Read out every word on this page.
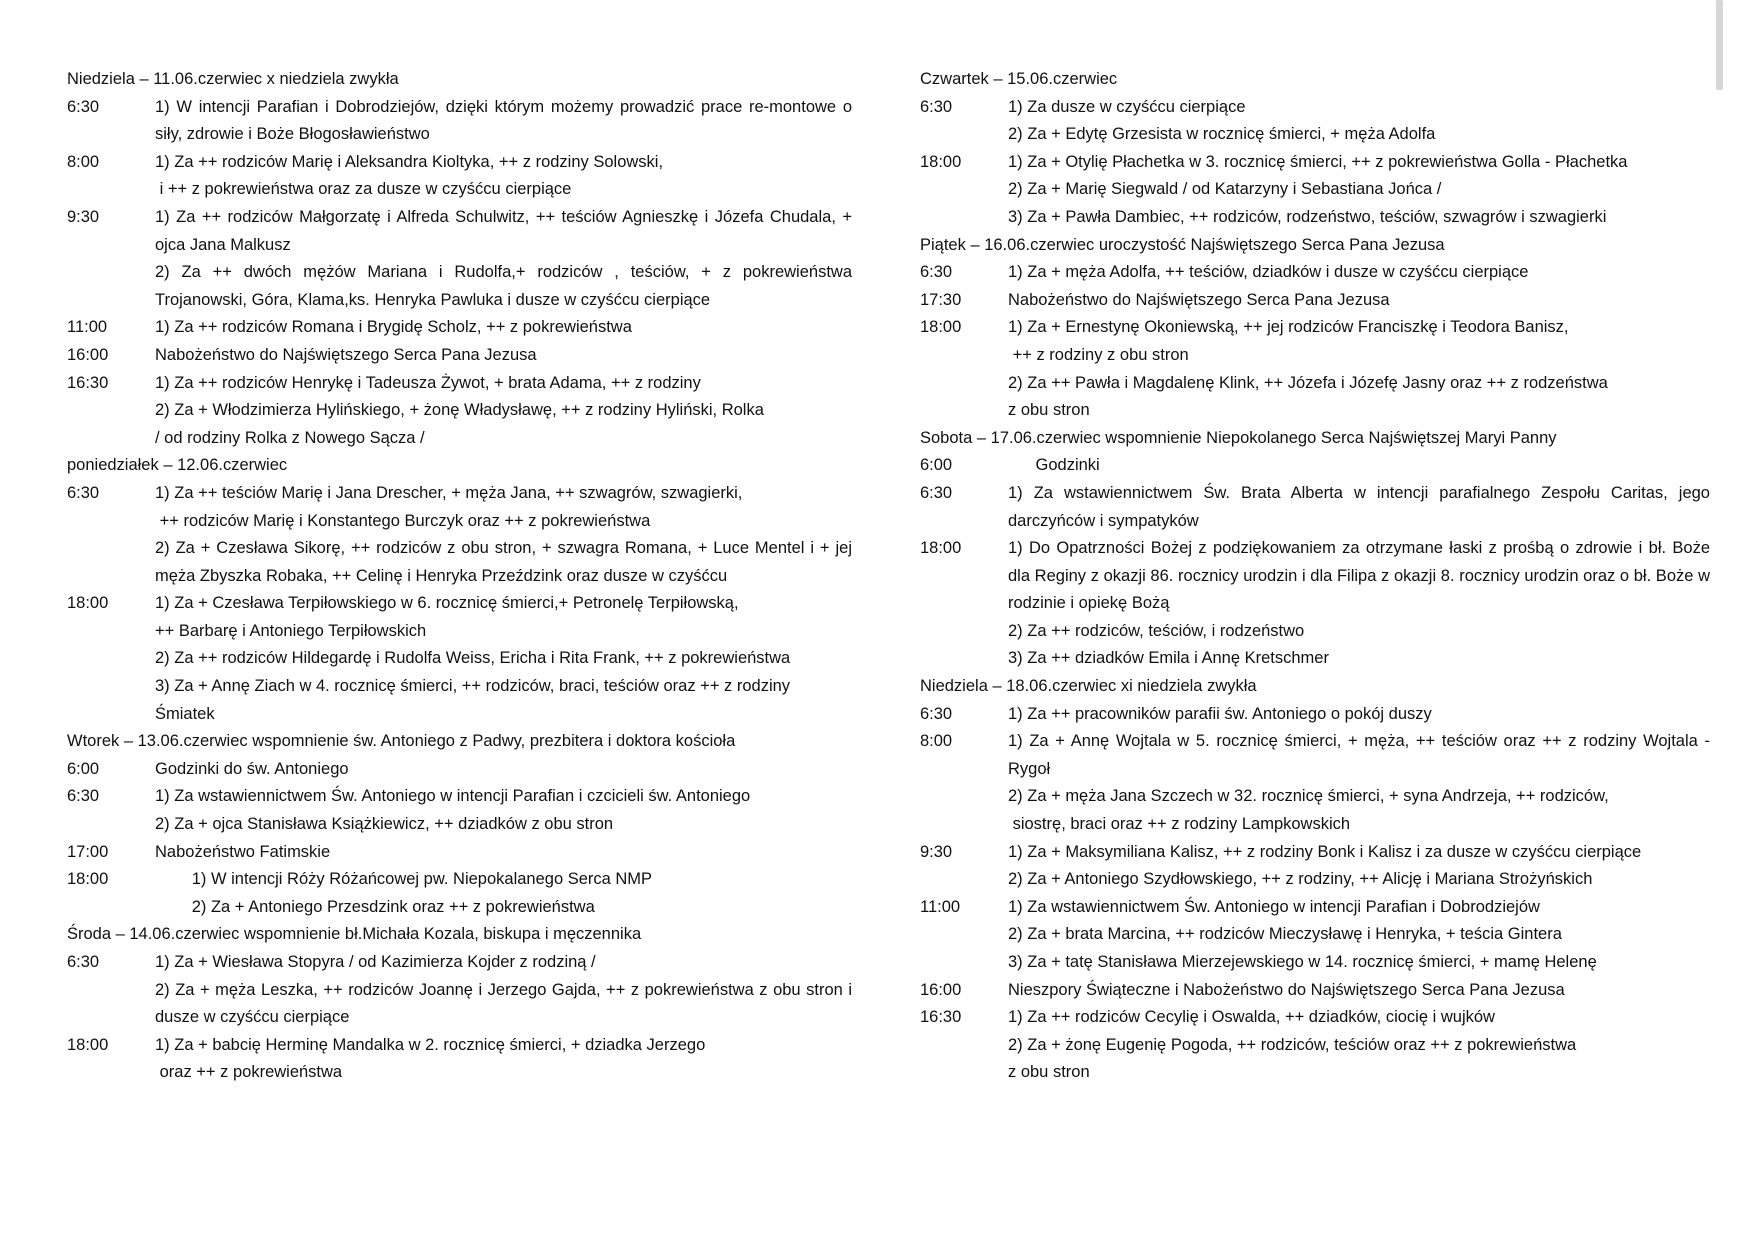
Niedziela – 11.06.czerwiec x niedziela zwykła
6:30	1) W intencji Parafian i Dobrodziejów, dzięki którym możemy prowadzić prace re-montowe o siły, zdrowie i Boże Błogosławieństwo
8:00	1) Za ++ rodziców Marię i Aleksandra Kioltyka, ++ z rodziny Solowski,
i ++ z pokrewieństwa oraz za dusze w czyśćcu cierpiące
9:30	1) Za ++ rodziców Małgorzatę i Alfreda Schulwitz, ++ teściów Agnieszkę i Józefa Chudala, + ojca Jana Malkusz
2) Za ++ dwóch mężów Mariana i Rudolfa,+ rodziców , teściów, + z pokrewieństwa Trojanowski, Góra, Klama,ks. Henryka Pawluka i dusze w czyśćcu cierpiące
11:00	1) Za ++ rodziców Romana i Brygidę Scholz, ++ z pokrewieństwa
16:00	Nabożeństwo do Najświętszego Serca Pana Jezusa
16:30	1) Za ++ rodziców Henrykę i Tadeusza Żywot, + brata Adama, ++ z rodziny
2) Za + Włodzimierza Hylińskiego, + żonę Władysławę, ++ z rodziny Hyliński, Rolka
/ od rodziny Rolka z Nowego Sącza /
poniedziałek – 12.06.czerwiec
6:30	1) Za ++ teściów Marię i Jana Drescher, + męża Jana, ++ szwagrów, szwagierki,
++ rodziców Marię i Konstantego Burczyk oraz ++ z pokrewieństwa
2) Za + Czesława Sikorę, ++ rodziców z obu stron, + szwagra Romana, + Luce Mentel i + jej męża Zbyszka Robaka, ++ Celinę i Henryka Przeździnk oraz dusze w czyśćcu
18:00	1) Za + Czesława Terpiłowskiego w 6. rocznicę śmierci,+ Petronelę Terpiłowską,
++ Barbarę i Antoniego Terpiłowskich
2) Za ++ rodziców Hildegardę i Rudolfa Weiss, Ericha i Rita Frank, ++ z pokrewieństwa
3) Za + Annę Ziach w 4. rocznicę śmierci, ++ rodziców, braci, teściów oraz ++ z rodziny Śmiatek
Wtorek – 13.06.czerwiec wspomnienie św. Antoniego z Padwy, prezbitera i doktora kościoła
6:00	Godzinki do św. Antoniego
6:30	1) Za wstawiennictwem Św. Antoniego w intencji Parafian i czcicieli św. Antoniego
2) Za + ojca Stanisława Książkiewicz, ++ dziadków z obu stron
17:00	Nabożeństwo Fatimskie
18:00	1) W intencji Róży Różańcowej pw. Niepokalanego Serca NMP
2) Za + Antoniego Przesdzink oraz ++ z pokrewieństwa
Środa – 14.06.czerwiec wspomnienie bł.Michała Kozala, biskupa i męczennika
6:30	1) Za + Wiesława Stopyra / od Kazimierza Kojder z rodziną /
2) Za + męża Leszka, ++ rodziców Joannę i Jerzego Gajda, ++ z pokrewieństwa z obu stron i dusze w czyśćcu cierpiące
18:00	1) Za + babcię Herminę Mandalka w 2. rocznicę śmierci, + dziadka Jerzego
oraz ++ z pokrewieństwa
Czwartek – 15.06.czerwiec
6:30	1) Za dusze w czyśćcu cierpiące
2) Za + Edytę Grzesista w rocznicę śmierci, + męża Adolfa
18:00	1) Za + Otylię Płachetka w 3. rocznicę śmierci, ++ z pokrewieństwa Golla - Płachetka
2) Za + Marię Siegwald / od Katarzyny i Sebastiana Jońca /
3) Za + Pawła Dambiec, ++ rodziców, rodzeństwo, teściów, szwagrów i szwagierki
Piątek – 16.06.czerwiec uroczystość Najświętszego Serca Pana Jezusa
6:30	1) Za + męża Adolfa, ++ teściów, dziadków i dusze w czyśćcu cierpiące
17:30	Nabożeństwo do Najświętszego Serca Pana Jezusa
18:00	1) Za + Ernestynę Okoniewską, ++ jej rodziców Franciszkę i Teodora Banisz,
++ z rodziny z obu stron
2) Za ++ Pawła i Magdalenę Klink, ++ Józefa i Józefę Jasny oraz ++ z rodzeństwa
z obu stron
Sobota – 17.06.czerwiec wspomnienie Niepokolanego Serca Najświętszej Maryi Panny
6:00	Godzinki
6:30	1) Za wstawiennictwem Św. Brata Alberta w intencji parafialnego Zespołu Caritas, jego darczyńców i sympatyków
18:00	1) Do Opatrzności Bożej z podziękowaniem za otrzymane łaski z prośbą o zdrowie i bł. Boże dla Reginy z okazji 86. rocznicy urodzin i dla Filipa z okazji 8. rocznicy urodzin oraz o bł. Boże w rodzinie i opiekę Bożą
2) Za ++ rodziców, teściów, i rodzeństwo
3) Za ++ dziadków Emila i Annę Kretschmer
Niedziela – 18.06.czerwiec xi niedziela zwykła
6:30	1) Za ++ pracowników parafii św. Antoniego o pokój duszy
8:00	1) Za + Annę Wojtala w 5. rocznicę śmierci, + męża, ++ teściów oraz ++ z rodziny Wojtala - Rygoł
2) Za + męża Jana Szczech w 32. rocznicę śmierci, + syna Andrzeja, ++ rodziców,
siostrę, braci oraz ++ z rodziny Lampkowskich
9:30	1) Za + Maksymiliana Kalisz, ++ z rodziny Bonk i Kalisz i za dusze w czyśćcu cierpiące
2) Za + Antoniego Szydłowskiego, ++ z rodziny, ++ Alicję i Mariana Strożyńskich
11:00	1) Za wstawiennictwem Św. Antoniego w intencji Parafian i Dobrodziejów
2) Za + brata Marcina, ++ rodziców Mieczysławę i Henryka, + teścia Gintera
3) Za + tatę Stanisława Mierzejewskiego w 14. rocznicę śmierci, + mamę Helenę
16:00	Nieszpory Świąteczne i Nabożeństwo do Najświętszego Serca Pana Jezusa
16:30	1) Za ++ rodziców Cecylię i Oswalda, ++ dziadków, ciocię i wujków
2) Za + żonę Eugenię Pogoda, ++ rodziców, teściów oraz ++ z pokrewieństwa
z obu stron
